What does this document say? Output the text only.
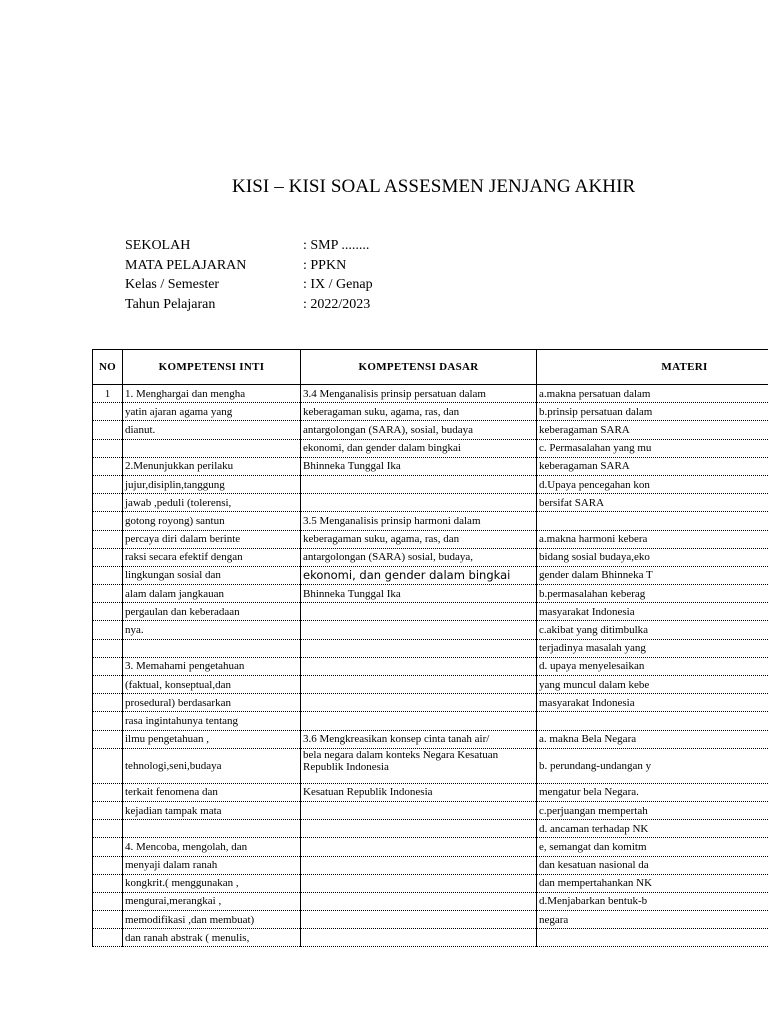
KISI – KISI SOAL ASSESMEN JENJANG AKHIR
SEKOLAH	: SMP ........
MATA PELAJARAN	: PPKN
Kelas / Semester	: IX / Genap
Tahun Pelajaran	: 2022/2023
NO	KOMPETENSI INTI	KOMPETENSI DASAR	MATERI
1	1. Menghargai dan mengha	3.4 Menganalisis prinsip persatuan dalam	a.makna persatuan dalam
	yatin ajaran agama yang	keberagaman suku, agama, ras, dan	b.prinsip persatuan dalam
	dianut.	antargolongan (SARA), sosial, budaya	keberagaman SARA
		ekonomi, dan gender dalam bingkai	c. Permasalahan yang mu
	2.Menunjukkan perilaku	Bhinneka Tunggal Ika	keberagaman SARA
	jujur,disiplin,tanggung		d.Upaya pencegahan kon
	jawab ,peduli (tolerensi,		bersifat SARA
	gotong royong) santun	3.5 Menganalisis prinsip harmoni dalam	
	percaya diri dalam berinte	keberagaman suku, agama, ras, dan	a.makna harmoni kebera
	raksi secara efektif dengan	antargolongan (SARA) sosial, budaya,	bidang sosial budaya,eko
	lingkungan sosial dan	ekonomi, dan gender dalam bingkai	gender dalam Bhinneka T
	alam dalam jangkauan	Bhinneka Tunggal Ika	b.permasalahan keberag
	pergaulan dan keberadaan		masyarakat Indonesia
	nya.		c.akibat yang ditimbulka
			terjadinya masalah yang
	3. Memahami pengetahuan		d. upaya menyelesaikan
	(faktual, konseptual,dan		yang muncul dalam kebe
	prosedural) berdasarkan		masyarakat Indonesia
	rasa ingintahunya tentang		
	ilmu pengetahuan ,	3.6 Mengkreasikan konsep cinta tanah air/	a. makna Bela Negara
	tehnologi,seni,budaya	bela negara dalam konteks Negara Kesatuan Republik Indonesia	b. perundang-undangan y
	terkait fenomena dan	Kesatuan Republik Indonesia	mengatur bela Negara.
	kejadian tampak mata		c.perjuangan mempertah
			d. ancaman terhadap NK
	4. Mencoba, mengolah, dan		e, semangat dan komitm
	menyaji dalam ranah		dan kesatuan nasional da
	kongkrit.( menggunakan ,		dan mempertahankan NK
	mengurai,merangkai ,		d.Menjabarkan bentuk-b
	memodifikasi ,dan membuat)		negara
	dan ranah abstrak ( menulis,		
